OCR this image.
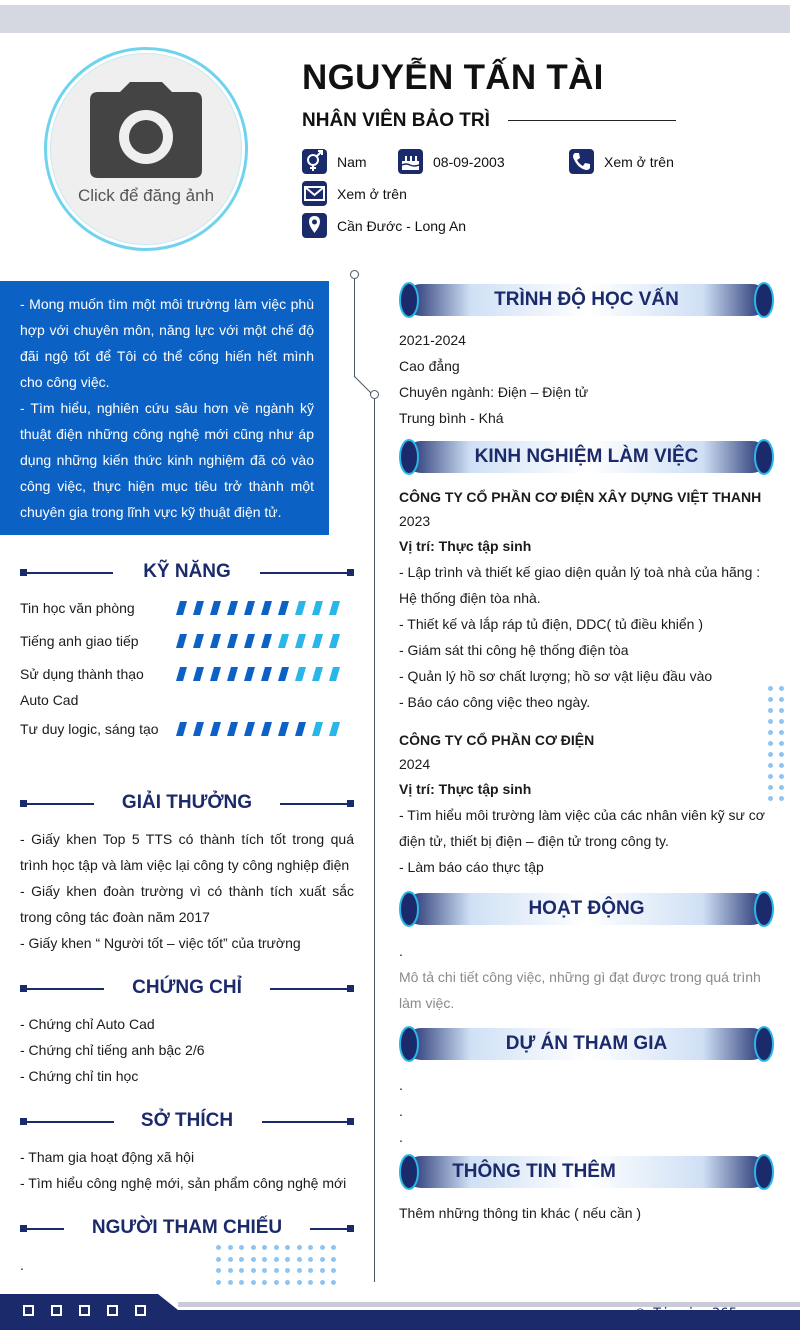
Click để đăng ảnh
NGUYỄN TẤN TÀI
NHÂN VIÊN BẢO TRÌ
Nam	08-09-2003	Xem ở trên
Xem ở trên
Cần Đước - Long An
- Mong muốn tìm một môi trường làm việc phù hợp với chuyên môn, năng lực với một chế độ đãi ngộ tốt để Tôi có thể cống hiến hết mình cho công việc.
- Tìm hiểu, nghiên cứu sâu hơn về ngành kỹ thuật điện những công nghệ mới cũng như áp dụng những kiến thức kinh nghiệm đã có vào công việc, thực hiện mục tiêu trở thành một chuyên gia trong lĩnh vực kỹ thuật điện tử.
KỸ NĂNG
Tin học văn phòng
Tiếng anh giao tiếp
Sử dụng thành thạo Auto Cad
Tư duy logic, sáng tạo
GIẢI THƯỞNG
- Giấy khen Top 5 TTS có thành tích tốt trong quá trình học tập và làm việc lại công ty công nghiệp điện
- Giấy khen đoàn trường vì có thành tích xuất sắc trong công tác đoàn năm 2017
- Giấy khen “ Người tốt – việc tốt” của trường
CHỨNG CHỈ
- Chứng chỉ Auto Cad
- Chứng chỉ tiếng anh bậc 2/6
- Chứng chỉ tin học
SỞ THÍCH
- Tham gia hoạt động xã hội
- Tìm hiểu công nghệ mới, sản phẩm công nghệ mới
NGƯỜI THAM CHIẾU
.
TRÌNH ĐỘ HỌC VẤN
2021-2024
Cao đẳng
Chuyên ngành: Điện – Điện tử
Trung bình - Khá
KINH NGHIỆM LÀM VIỆC
CÔNG TY CỔ PHẦN CƠ ĐIỆN XÂY DỰNG VIỆT THANH
2023
Vị trí: Thực tập sinh
- Lập trình và thiết kế giao diện quản lý toà nhà của hãng : Hệ thống điện tòa nhà.
- Thiết kế và lắp ráp tủ điện, DDC( tủ điều khiển )
- Giám sát thi công hệ thống điện tòa
- Quản lý hồ sơ chất lượng; hồ sơ vật liệu đầu vào
- Báo cáo công việc theo ngày.
CÔNG TY CỔ PHẦN CƠ ĐIỆN
2024
Vị trí: Thực tập sinh
- Tìm hiểu môi trường làm việc của các nhân viên kỹ sư cơ điện tử, thiết bị điện – điện tử trong công ty.
- Làm báo cáo thực tập
HOẠT ĐỘNG
.
Mô tả chi tiết công việc, những gì đạt được trong quá trình làm việc.
DỰ ÁN THAM GIA
.
.
.
THÔNG TIN THÊM
Thêm những thông tin khác ( nếu cần )
© Timviec365.vn
